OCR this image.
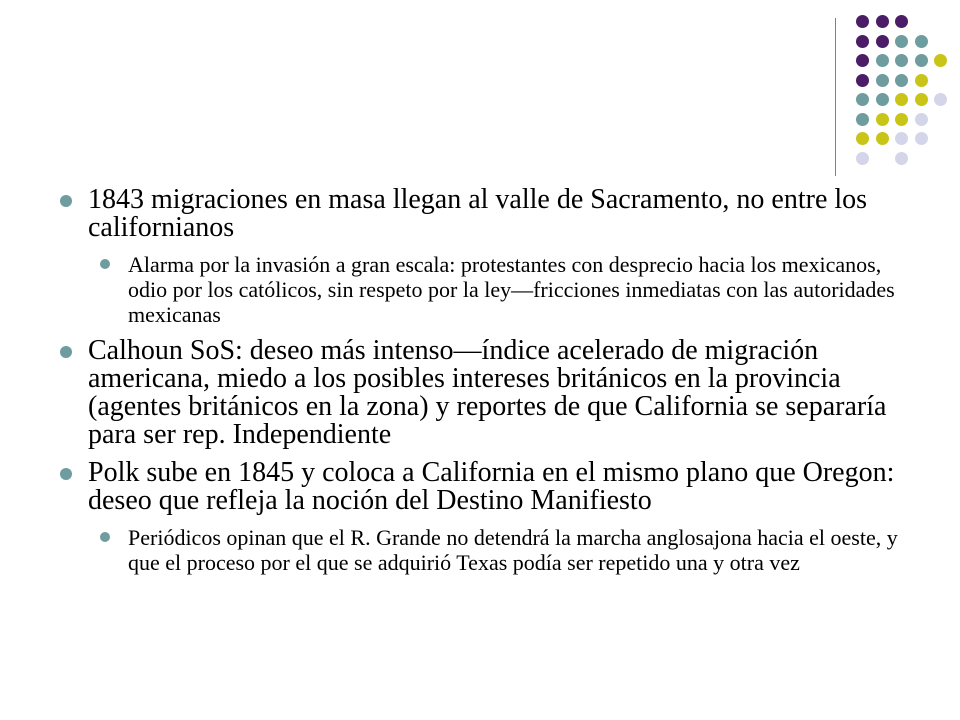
1843 migraciones en masa llegan al valle de Sacramento, no entre los californianos
Alarma por la invasión a gran escala: protestantes con desprecio hacia los mexicanos, odio por los católicos, sin respeto por la ley—fricciones inmediatas con las autoridades mexicanas
Calhoun SoS: deseo más intenso—índice acelerado de migración americana, miedo a los posibles intereses británicos en la provincia (agentes británicos en la zona) y reportes de que California se separaría para ser rep. Independiente
Polk sube en 1845 y coloca a California en el mismo plano que Oregon: deseo que refleja la noción del Destino Manifiesto
Periódicos opinan que el R. Grande no detendrá la marcha anglosajona hacia el oeste, y que el proceso por el que se adquirió Texas podía ser repetido una y otra vez
